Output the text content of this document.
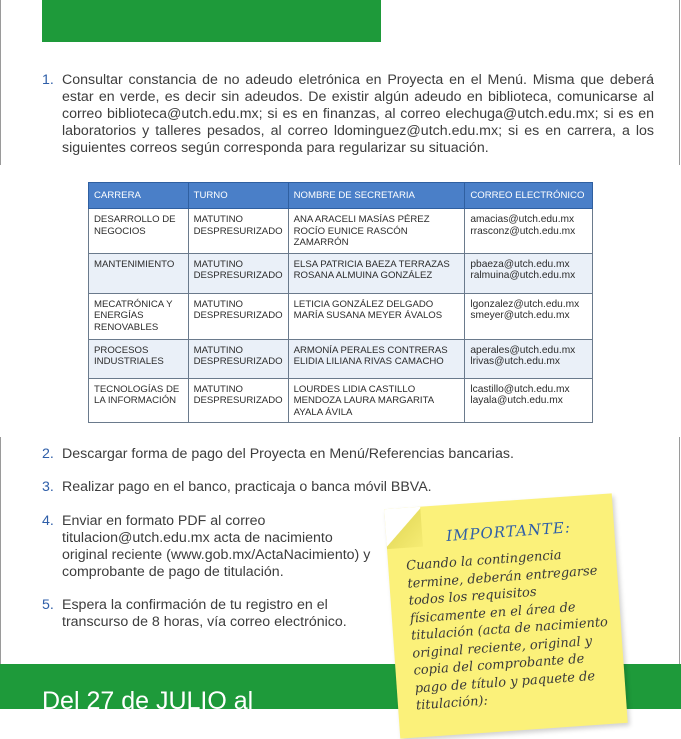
1. Consultar constancia de no adeudo eletrónica en Proyecta en el Menú. Misma que deberá estar en verde, es decir sin adeudos. De existir algún adeudo en biblioteca, comunicarse al correo biblioteca@utch.edu.mx; si es en finanzas, al correo elechuga@utch.edu.mx; si es en laboratorios y talleres pesados, al correo ldominguez@utch.edu.mx; si es en carrera, a los siguientes correos según corresponda para regularizar su situación.
CARRERA	TURNO	NOMBRE DE SECRETARIA	CORREO ELECTRÓNICO
DESARROLLO DE NEGOCIOS	MATUTINO DESPRESURIZADO	ANA ARACELI MASÍAS PÉREZ ROCÍO EUNICE RASCÓN ZAMARRÓN	amacias@utch.edu.mx rrasconz@utch.edu.mx
MANTENIMIENTO	MATUTINO DESPRESURIZADO	ELSA PATRICIA BAEZA TERRAZAS ROSANA ALMUINA GONZÁLEZ	pbaeza@utch.edu.mx ralmuina@utch.edu.mx
MECATRÓNICA Y ENERGÍAS RENOVABLES	MATUTINO DESPRESURIZADO	LETICIA GONZÁLEZ DELGADO MARÍA SUSANA MEYER ÁVALOS	lgonzalez@utch.edu.mx smeyer@utch.edu.mx
PROCESOS INDUSTRIALES	MATUTINO DESPRESURIZADO	ARMONÍA PERALES CONTRERAS ELIDIA LILIANA RIVAS CAMACHO	aperales@utch.edu.mx lrivas@utch.edu.mx
TECNOLOGÍAS DE LA INFORMACIÓN	MATUTINO DESPRESURIZADO	LOURDES LIDIA CASTILLO MENDOZA LAURA MARGARITA AYALA ÁVILA	lcastillo@utch.edu.mx layala@utch.edu.mx
2. Descargar forma de pago del Proyecta en Menú/Referencias bancarias.
3. Realizar pago en el banco, practicaja o banca móvil BBVA.
4. Enviar en formato PDF al correo titulacion@utch.edu.mx acta de nacimiento original reciente (www.gob.mx/ActaNacimiento) y comprobante de pago de titulación.
5. Espera la confirmación de tu registro en el transcurso de 8 horas, vía correo electrónico.
Del 27 de JULIO al
IMPORTANTE:
Cuando la contingencia termine, deberán entregarse todos los requisitos físicamente en el área de titulación (acta de nacimiento original reciente, original y copia del comprobante de pago de título y paquete de titulación):
